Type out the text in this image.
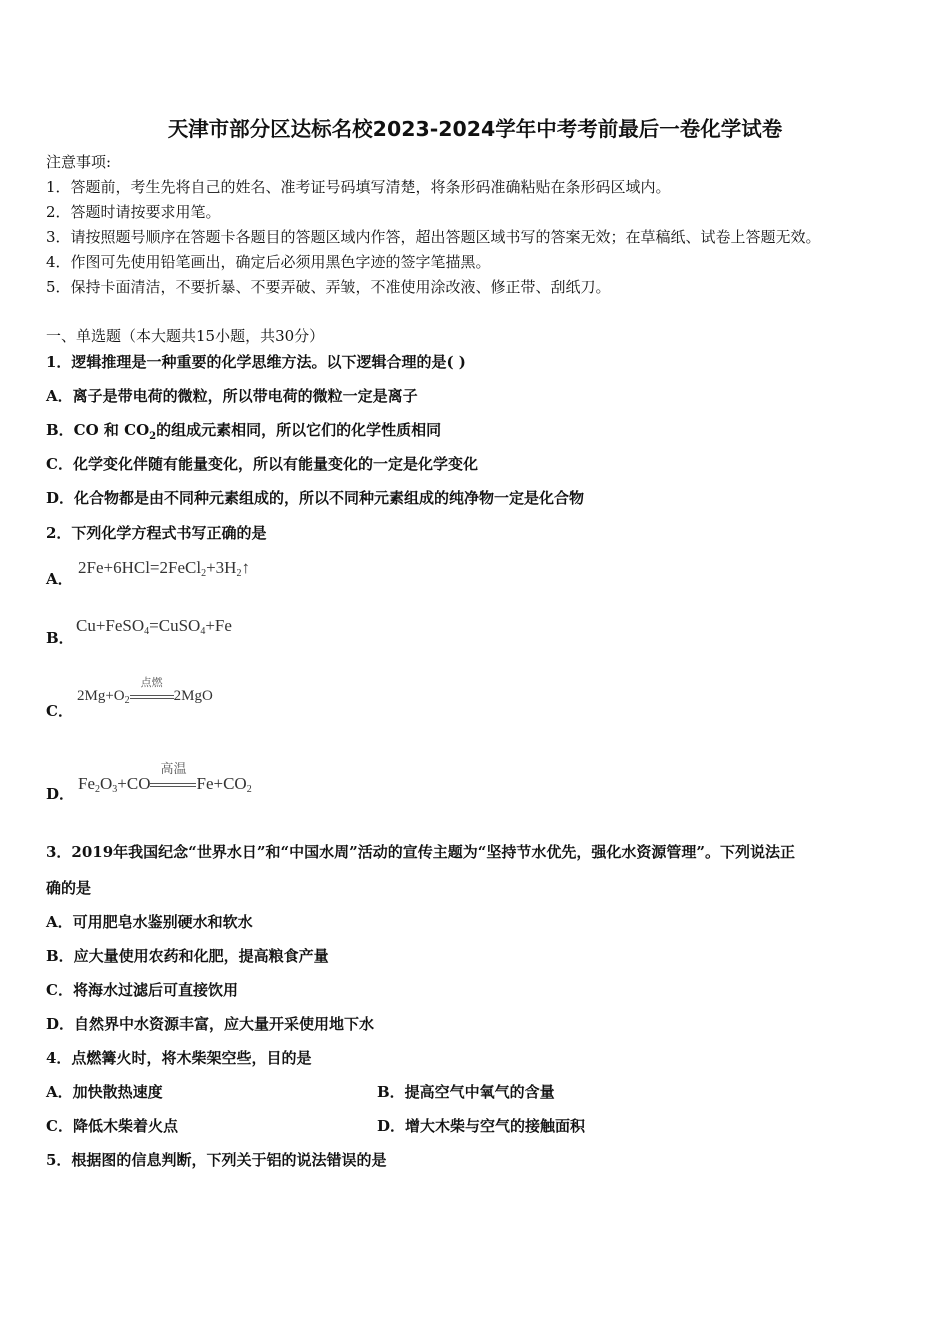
天津市部分区达标名校2023-2024学年中考考前最后一卷化学试卷
注意事项:
1．答题前，考生先将自己的姓名、准考证号码填写清楚，将条形码准确粘贴在条形码区域内。
2．答题时请按要求用笔。
3．请按照题号顺序在答题卡各题目的答题区域内作答，超出答题区域书写的答案无效；在草稿纸、试卷上答题无效。
4．作图可先使用铅笔画出，确定后必须用黑色字迹的签字笔描黑。
5．保持卡面清洁，不要折暴、不要弄破、弄皱，不准使用涂改液、修正带、刮纸刀。
一、单选题（本大题共15小题，共30分）
1．逻辑推理是一种重要的化学思维方法。以下逻辑合理的是( )
A．离子是带电荷的微粒，所以带电荷的微粒一定是离子
B．CO 和 $CO_2$的组成元素相同，所以它们的化学性质相同
C．化学变化伴随有能量变化，所以有能量变化的一定是化学变化
D．化合物都是由不同种元素组成的，所以不同种元素组成的纯净物一定是化合物
2．下列化学方程式书写正确的是
A．
$2Fe+6HCl=2FeCl_2+3H_2↑$
B．
Cu+FeSO$_4$=CuSO$_4$+Fe
C．
$2Mg+O_2$
点燃
2MgO
D．
$Fe_2O_3+CO$
高温
$Fe+CO_2$
3．2019年我国纪念“世界水日”和“中国水周”活动的宣传主题为“坚持节水优先，强化水资源管理”。下列说法正
确的是
A．可用肥皂水鉴别硬水和软水
B．应大量使用农药和化肥，提高粮食产量
C．将海水过滤后可直接饮用
D．自然界中水资源丰富，应大量开采使用地下水
4．点燃篝火时，将木柴架空些，目的是
A．加快散热速度	B．提高空气中氧气的含量
C．降低木柴着火点	D．增大木柴与空气的接触面积
5．根据图的信息判断，下列关于铝的说法错误的是
